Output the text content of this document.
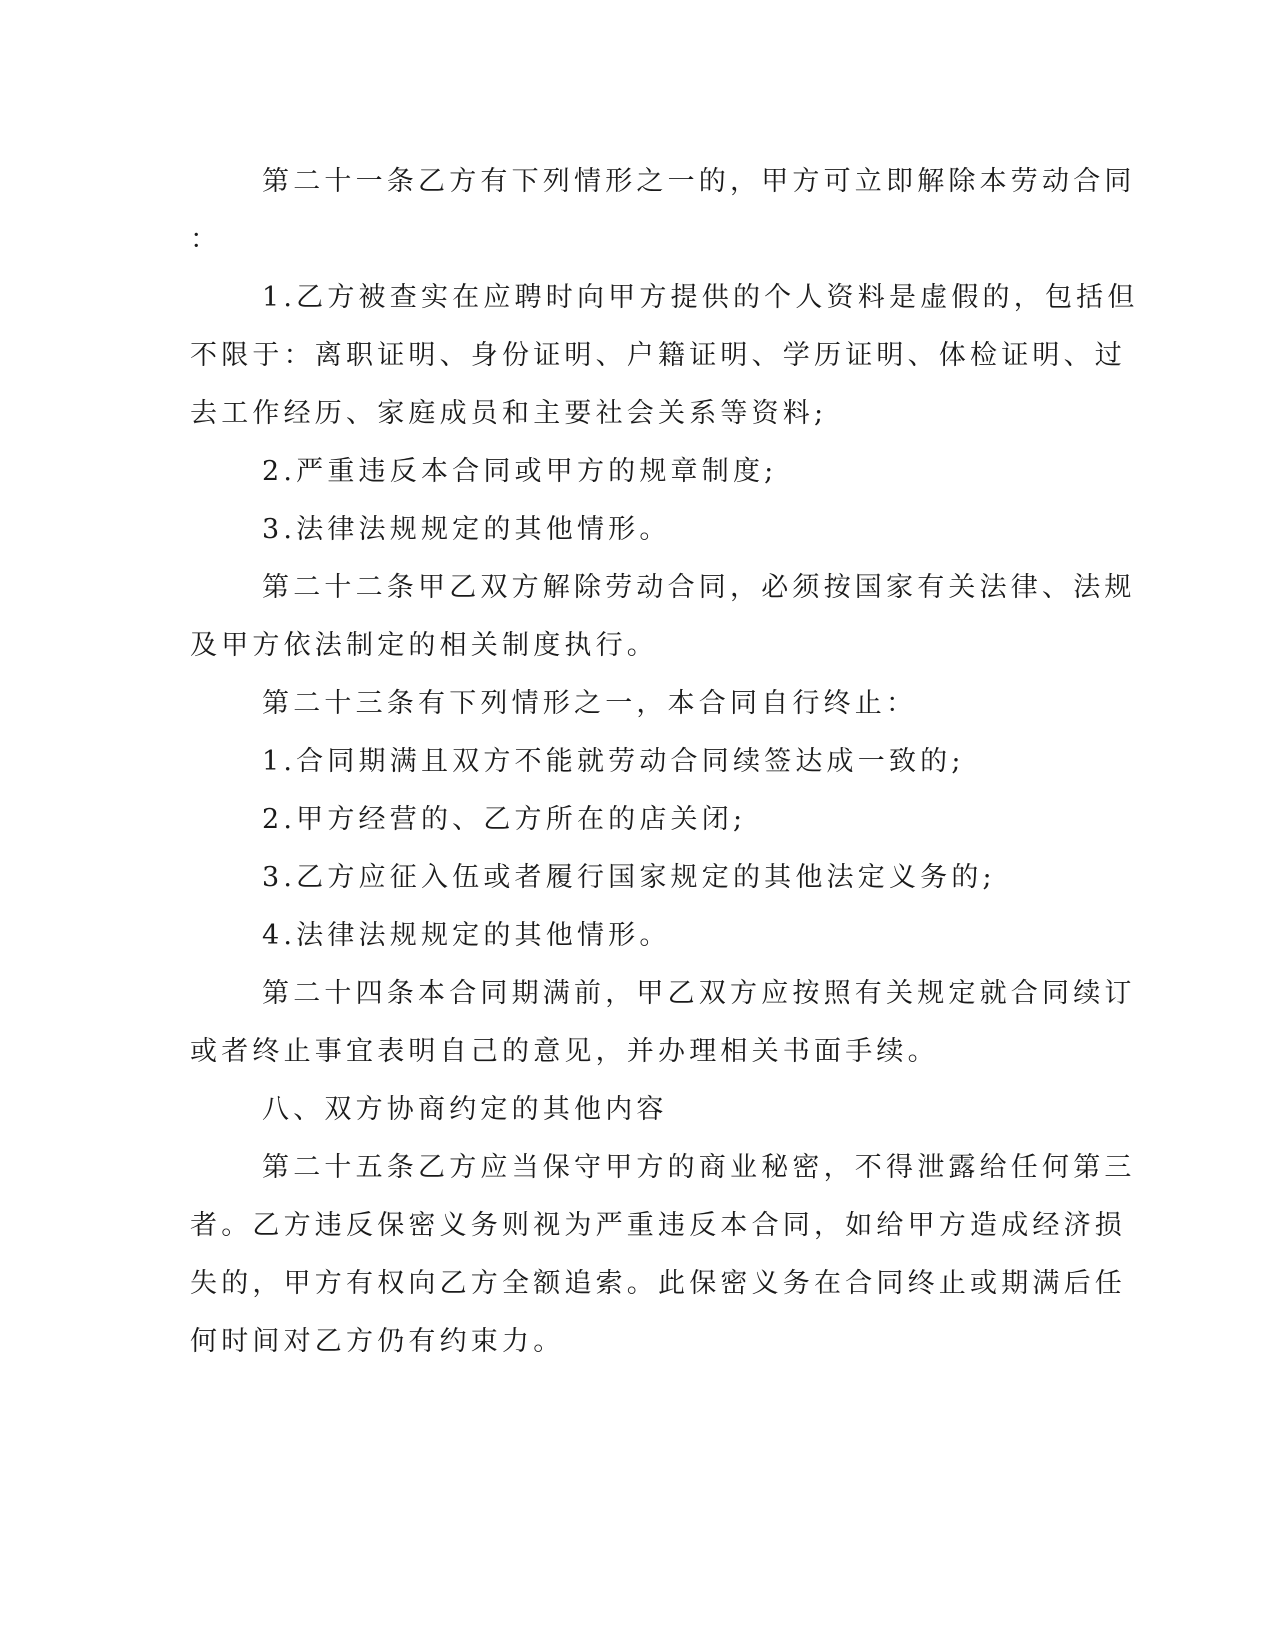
第二十一条乙方有下列情形之一的，甲方可立即解除本劳动合同
：
1.乙方被查实在应聘时向甲方提供的个人资料是虚假的，包括但
不限于：离职证明、身份证明、户籍证明、学历证明、体检证明、过
去工作经历、家庭成员和主要社会关系等资料;
2.严重违反本合同或甲方的规章制度;
3.法律法规规定的其他情形。
第二十二条甲乙双方解除劳动合同，必须按国家有关法律、法规
及甲方依法制定的相关制度执行。
第二十三条有下列情形之一，本合同自行终止：
1.合同期满且双方不能就劳动合同续签达成一致的;
2.甲方经营的、乙方所在的店关闭;
3.乙方应征入伍或者履行国家规定的其他法定义务的;
4.法律法规规定的其他情形。
第二十四条本合同期满前，甲乙双方应按照有关规定就合同续订
或者终止事宜表明自己的意见，并办理相关书面手续。
八、双方协商约定的其他内容
第二十五条乙方应当保守甲方的商业秘密，不得泄露给任何第三
者。乙方违反保密义务则视为严重违反本合同，如给甲方造成经济损
失的，甲方有权向乙方全额追索。此保密义务在合同终止或期满后任
何时间对乙方仍有约束力。
